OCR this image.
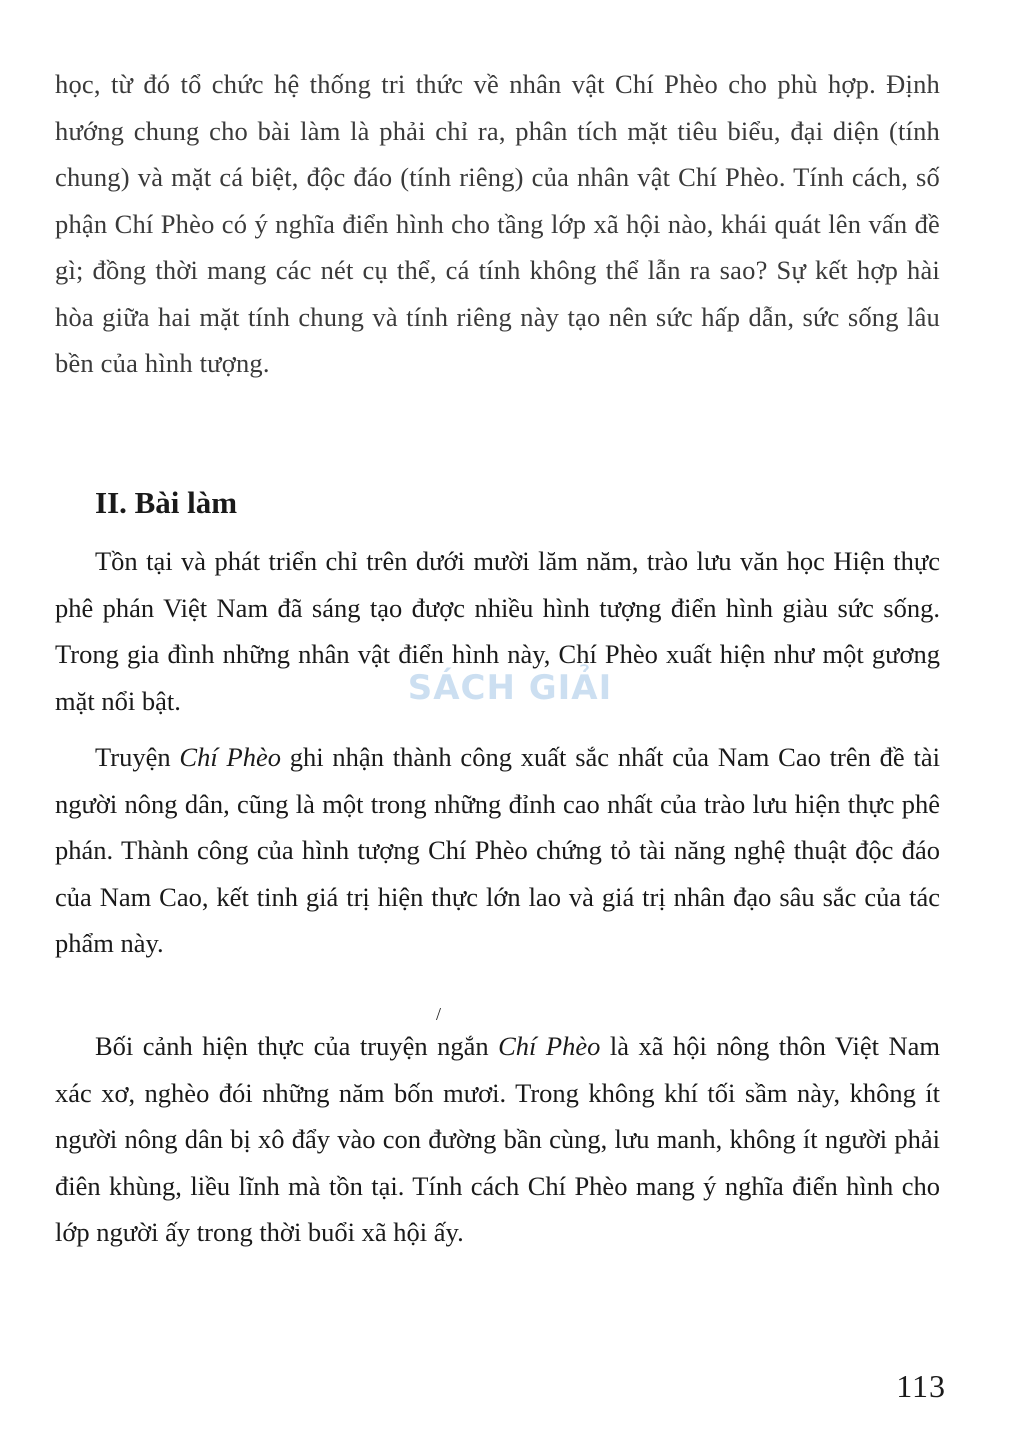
học, từ đó tổ chức hệ thống tri thức về nhân vật Chí Phèo cho phù hợp. Định hướng chung cho bài làm là phải chỉ ra, phân tích mặt tiêu biểu, đại diện (tính chung) và mặt cá biệt, độc đáo (tính riêng) của nhân vật Chí Phèo. Tính cách, số phận Chí Phèo có ý nghĩa điển hình cho tầng lớp xã hội nào, khái quát lên vấn đề gì; đồng thời mang các nét cụ thể, cá tính không thể lẫn ra sao? Sự kết hợp hài hòa giữa hai mặt tính chung và tính riêng này tạo nên sức hấp dẫn, sức sống lâu bền của hình tượng.

II. Bài làm

Tồn tại và phát triển chỉ trên dưới mười lăm năm, trào lưu văn học Hiện thực phê phán Việt Nam đã sáng tạo được nhiều hình tượng điển hình giàu sức sống. Trong gia đình những nhân vật điển hình này, Chí Phèo xuất hiện như một gương mặt nổi bật.

Truyện Chí Phèo ghi nhận thành công xuất sắc nhất của Nam Cao trên đề tài người nông dân, cũng là một trong những đỉnh cao nhất của trào lưu hiện thực phê phán. Thành công của hình tượng Chí Phèo chứng tỏ tài năng nghệ thuật độc đáo của Nam Cao, kết tinh giá trị hiện thực lớn lao và giá trị nhân đạo sâu sắc của tác phẩm này.

/

Bối cảnh hiện thực của truyện ngắn Chí Phèo là xã hội nông thôn Việt Nam xác xơ, nghèo đói những năm bốn mươi. Trong không khí tối sầm này, không ít người nông dân bị xô đẩy vào con đường bần cùng, lưu manh, không ít người phải điên khùng, liều lĩnh mà tồn tại. Tính cách Chí Phèo mang ý nghĩa điển hình cho lớp người ấy trong thời buổi xã hội ấy.

SÁCH GIẢI
113
